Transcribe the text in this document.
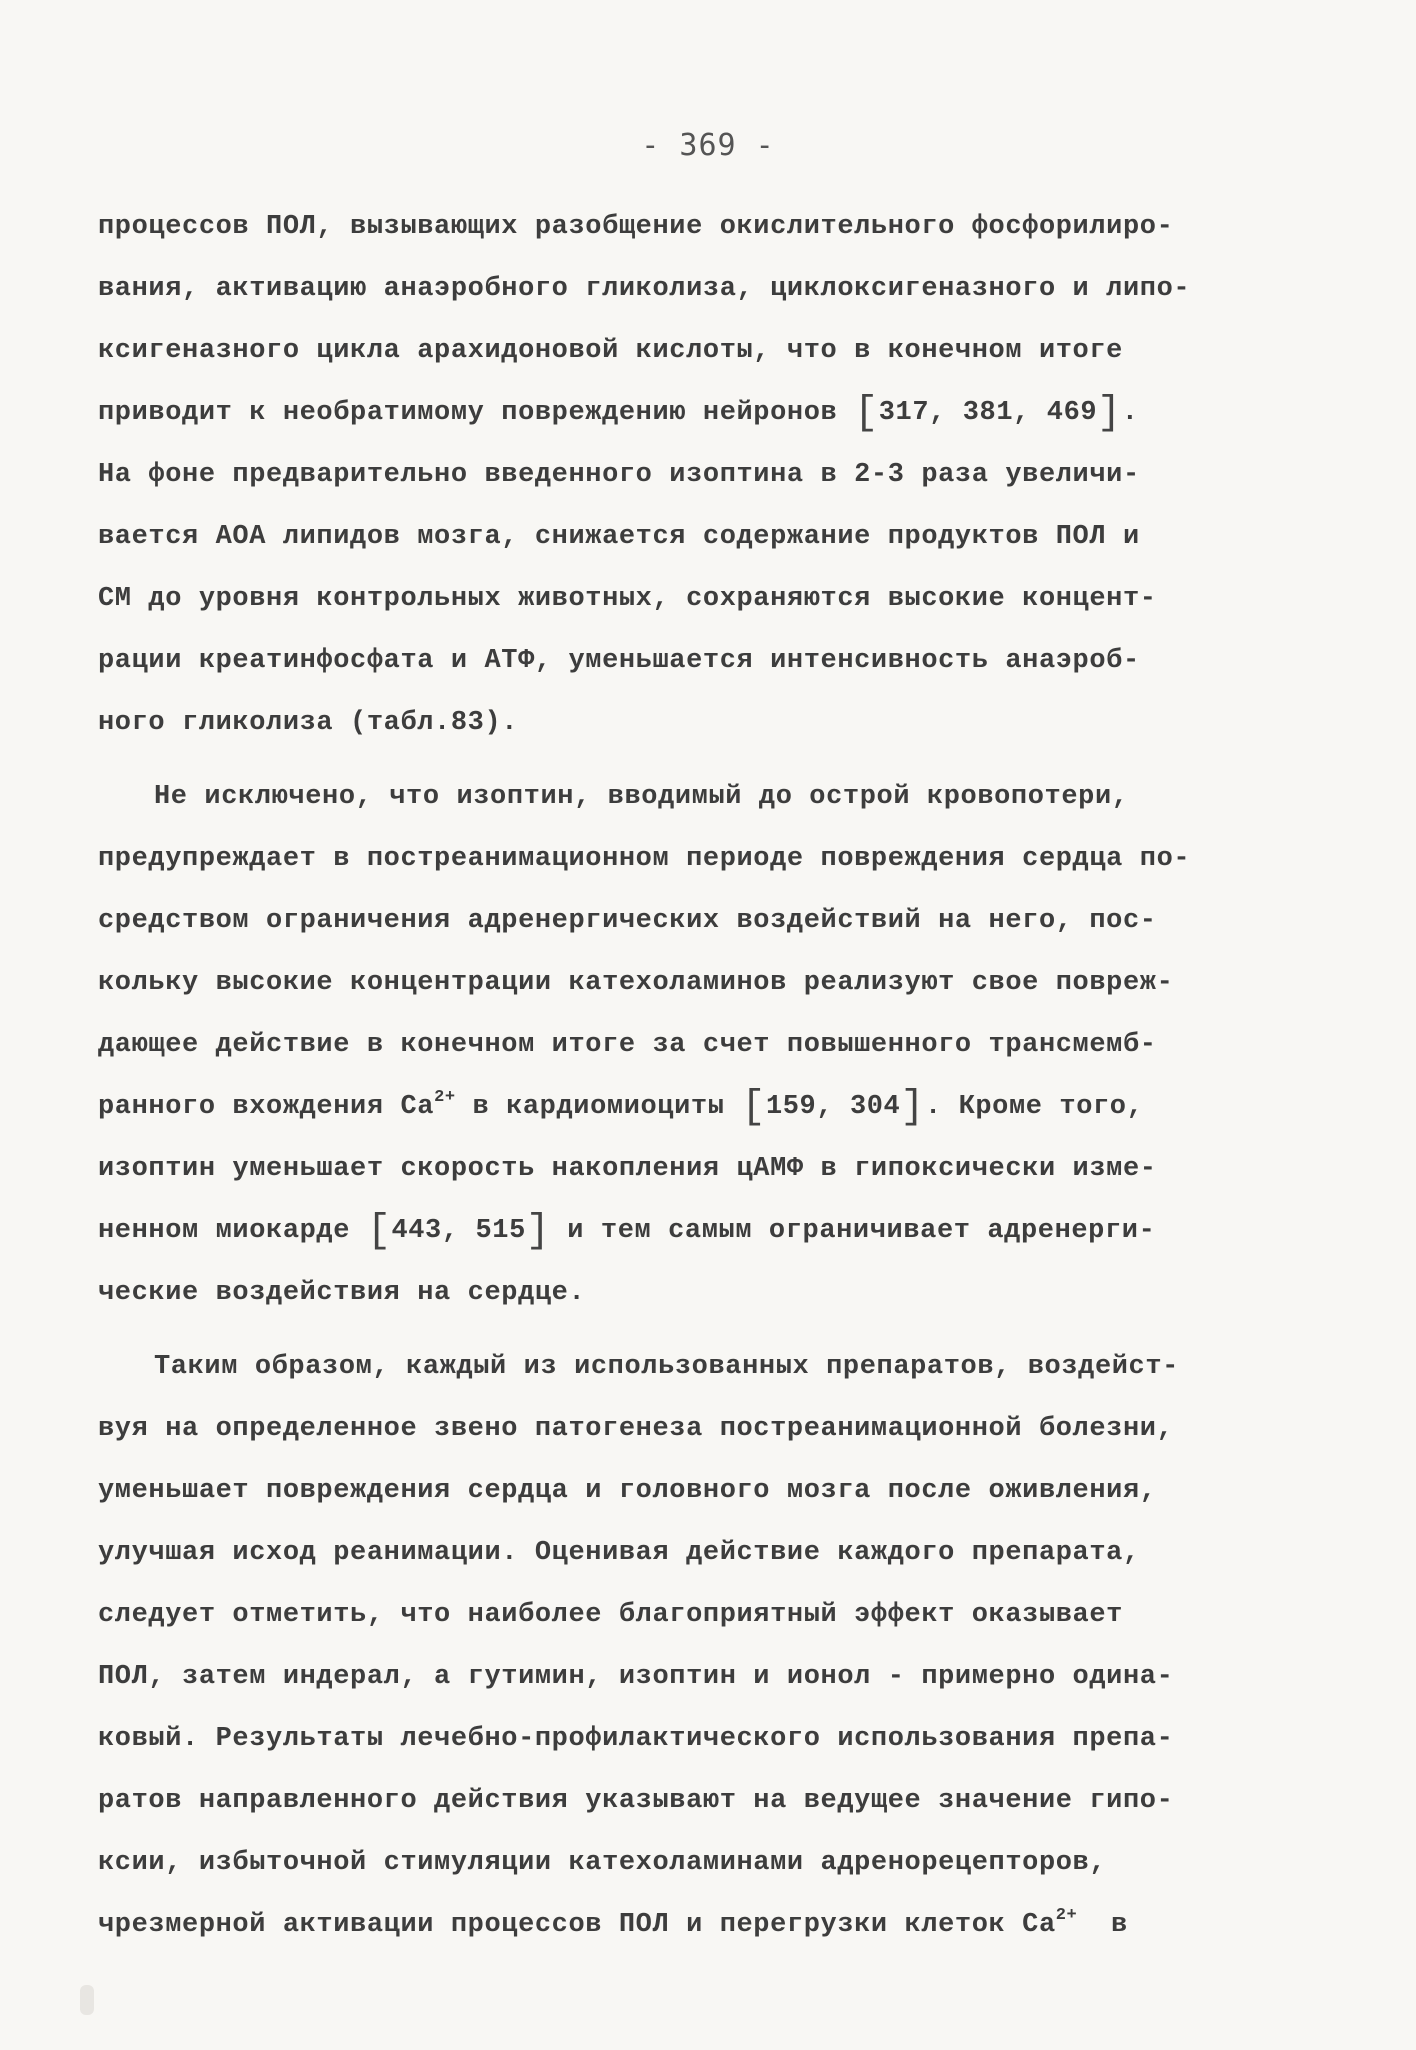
- 369 -
процессов ПОЛ, вызывающих разобщение окислительного фосфорилиро-
вания, активацию анаэробного гликолиза, циклоксигеназного и липо-
ксигеназного цикла арахидоновой кислоты, что в конечном итоге
приводит к необратимому повреждению нейронов [317, 381, 469].
На фоне предварительно введенного изоптина в 2-3 раза увеличи-
вается АОА липидов мозга, снижается содержание продуктов ПОЛ и
СМ до уровня контрольных животных, сохраняются высокие концент-
рации креатинфосфата и АТФ, уменьшается интенсивность анаэроб-
ного гликолиза (табл.83).
Не исключено, что изоптин, вводимый до острой кровопотери,
предупреждает в постреанимационном периоде повреждения сердца по-
средством ограничения адренергических воздействий на него, пос-
кольку высокие концентрации катехоламинов реализуют свое повреж-
дающее действие в конечном итоге за счет повышенного трансмемб-
ранного вхождения $Са^{2+}$ в кардиомиоциты [159, 304]. Кроме того,
изоптин уменьшает скорость накопления цАМФ в гипоксически изме-
ненном миокарде [443, 515] и тем самым ограничивает адренерги-
ческие воздействия на сердце.
Таким образом, каждый из использованных препаратов, воздейст-
вуя на определенное звено патогенеза постреанимационной болезни,
уменьшает повреждения сердца и головного мозга после оживления,
улучшая исход реанимации. Оценивая действие каждого препарата,
следует отметить, что наиболее благоприятный эффект оказывает
ПОЛ, затем индерал, а гутимин, изоптин и ионол - примерно одина-
ковый. Результаты лечебно-профилактического использования препа-
ратов направленного действия указывают на ведущее значение гипо-
ксии, избыточной стимуляции катехоламинами адренорецепторов,
чрезмерной активации процессов ПОЛ и перегрузки клеток $Са^{2+}$  в
